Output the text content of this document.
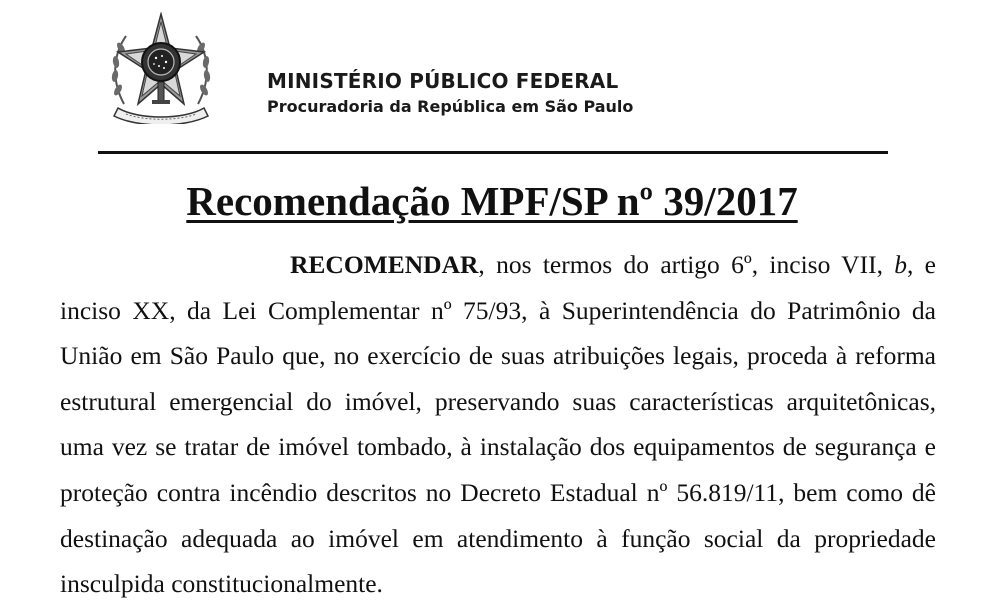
MINISTÉRIO PÚBLICO FEDERAL
Procuradoria da República em São Paulo
Recomendação MPF/SP nº 39/2017
RECOMENDAR, nos termos do artigo 6º, inciso VII, b, e inciso XX, da Lei Complementar nº 75/93, à Superintendência do Patrimônio da União em São Paulo que, no exercício de suas atribuições legais, proceda à reforma estrutural emergencial do imóvel, preservando suas características arquitetônicas, uma vez se tratar de imóvel tombado, à instalação dos equipamentos de segurança e proteção contra incêndio descritos no Decreto Estadual nº 56.819/11, bem como dê destinação adequada ao imóvel em atendimento à função social da propriedade insculpida constitucionalmente.
